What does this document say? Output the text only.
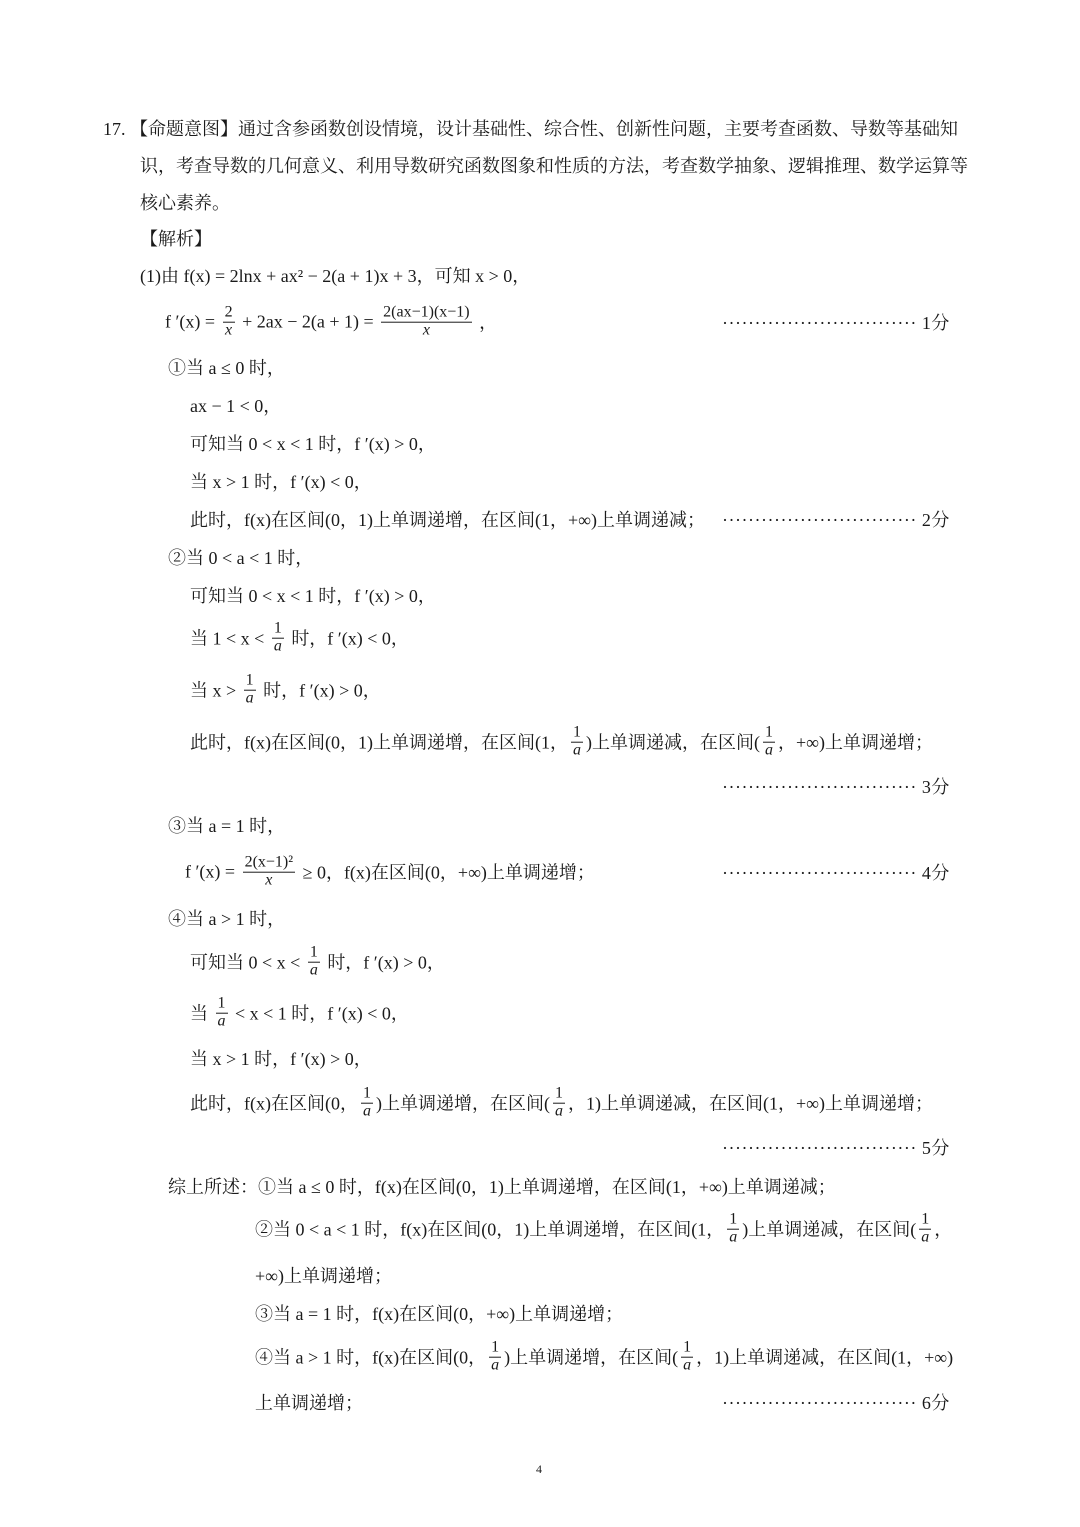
17. 【命题意图】通过含参函数创设情境，设计基础性、综合性、创新性问题，主要考查函数、导数等基础知
识，考查导数的几何意义、利用导数研究函数图象和性质的方法，考查数学抽象、逻辑推理、数学运算等
核心素养。
【解析】
(1)由 f(x) = 2lnx + ax² − 2(a + 1)x + 3，可知 x > 0，
f $'(x) = \frac{2}{x} + 2ax - 2(a + 1) = \frac{2(ax-1)(x-1)}{x}$ ，	······························ 1分
①当 a ≤ 0 时，
ax − 1 < 0，
可知当 0 < x < 1 时，f ′(x) > 0，
当 x > 1 时，f ′(x) < 0，
此时，f(x)在区间(0，1)上单调递增，在区间(1，+∞)上单调递减； ······························ 2分
②当 0 < a < 1 时，
可知当 0 < x < 1 时，f ′(x) > 0，
当 $1 < x < \frac{1}{a}$ 时，f ′(x) < 0，
当 $x > \frac{1}{a}$ 时，f ′(x) > 0，
此时，f(x)在区间(0，1)上单调递增，在区间(1， $\frac{1}{a}$ )上单调递减，在区间( $\frac{1}{a}$ ，+∞)上单调递增；
······························ 3分
③当 a = 1 时，
f $'(x) = \frac{\text{2(x−1)²}}{x} \ge 0$，f(x)在区间(0，+∞)上单调递增；	······························ 4分
④当 a > 1 时，
可知当 $0 < x < \frac{1}{a}$ 时，f ′(x) > 0，
当 $\frac{1}{a} < x < 1$ 时，f ′(x) < 0，
当 x > 1 时，f ′(x) > 0，
此时，f(x)在区间(0， $\frac{1}{a}$ )上单调递增，在区间( $\frac{1}{a}$ ，1)上单调递减，在区间(1，+∞)上单调递增；
······························ 5分
综上所述：①当 a ≤ 0 时，f(x)在区间(0，1)上单调递增，在区间(1，+∞)上单调递减；
②当 0 < a < 1 时，f(x)在区间(0，1)上单调递增，在区间(1， $\frac{1}{a}$ )上单调递减，在区间( $\frac{1}{a}$ ，
+∞)上单调递增；
③当 a = 1 时，f(x)在区间(0，+∞)上单调递增；
④当 a > 1 时，f(x)在区间(0， $\frac{1}{a}$ )上单调递增，在区间( $\frac{1}{a}$ ，1)上单调递减，在区间(1，+∞)
上单调递增；	······························ 6分
4
